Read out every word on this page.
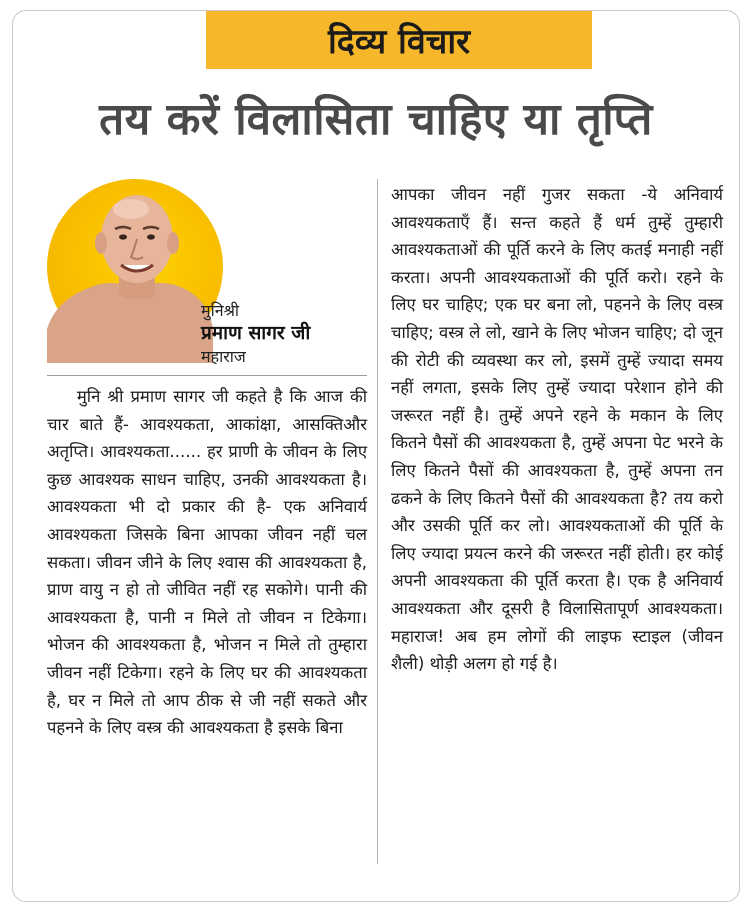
दिव्य विचार
तय करें विलासिता चाहिए या तृप्ति
मुनिश्री
प्रमाण सागर जी
महाराज
मुनि श्री प्रमाण सागर जी कहते है कि आज की चार बाते हैं- आवश्यकता, आकांक्षा, आसक्तिऔर अतृप्ति। आवश्यकता...... हर प्राणी के जीवन के लिए कुछ आवश्यक साधन चाहिए, उनकी आवश्यकता है। आवश्यकता भी दो प्रकार की है- एक अनिवार्य आवश्यकता जिसके बिना आपका जीवन नहीं चल सकता। जीवन जीने के लिए श्वास की आवश्यकता है, प्राण वायु न हो तो जीवित नहीं रह सकोगे। पानी की आवश्यकता है, पानी न मिले तो जीवन न टिकेगा। भोजन की आवश्यकता है, भोजन न मिले तो तुम्हारा जीवन नहीं टिकेगा। रहने के लिए घर की आवश्यकता है, घर न मिले तो आप ठीक से जी नहीं सकते और पहनने के लिए वस्त्र की आवश्यकता है इसके बिना
आपका जीवन नहीं गुजर सकता -ये अनिवार्य आवश्यकताएँ हैं। सन्त कहते हैं धर्म तुम्हें तुम्हारी आवश्यकताओं की पूर्ति करने के लिए कतई मनाही नहीं करता। अपनी आवश्यकताओं की पूर्ति करो। रहने के लिए घर चाहिए; एक घर बना लो, पहनने के लिए वस्त्र चाहिए; वस्त्र ले लो, खाने के लिए भोजन चाहिए; दो जून की रोटी की व्यवस्था कर लो, इसमें तुम्हें ज्यादा समय नहीं लगता, इसके लिए तुम्हें ज्यादा परेशान होने की जरूरत नहीं है। तुम्हें अपने रहने के मकान के लिए कितने पैसों की आवश्यकता है, तुम्हें अपना पेट भरने के लिए कितने पैसों की आवश्यकता है, तुम्हें अपना तन ढकने के लिए कितने पैसों की आवश्यकता है? तय करो और उसकी पूर्ति कर लो। आवश्यकताओं की पूर्ति के लिए ज्यादा प्रयत्न करने की जरूरत नहीं होती। हर कोई अपनी आवश्यकता की पूर्ति करता है। एक है अनिवार्य आवश्यकता और दूसरी है विलासितापूर्ण आवश्यकता। महाराज! अब हम लोगों की लाइफ स्टाइल (जीवन शैली) थोड़ी अलग हो गई है।
